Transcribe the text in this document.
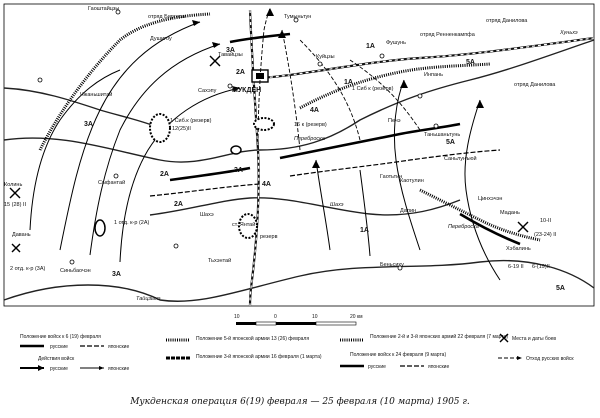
Гаоштайцзы
Тумыньтун
Душигоу
Тавайцзы
Сахэпу МУКДЕН
Фушунь
Куйцзы
Инпань
Чжаньшитай
Сыфантай
Колинь
Давань
Синьбаочэн
Тьхэнтай
Печэ
Таньшаньтунь
ст. Янтай
Беньсиху
Саньлунъюй
Каотулин
Цинхэчэн
Хэбалинь
Мадань
Шахэ
Далин
Гаотьтин
Хуньхэ
Тайцзыхэ
отряд Биргера
отряд Данилова
отряд Ренненкампфа
отряд Данилова
3А
3А
2А
4А
1А
1А
5А
5А
2А
2А
4А
3А
1А
3А
5А
резерв
1 Сиб.к (резерв)
1 Сиб к (резерв)
12(25)II
16 к (резерв)
1 отд. к-р (2А)
2 отд. к-р (3А)
15 (28) II
10-II
(23-24) II
6-19 II 6-(19)II
Переброска
Переброска
Шахэ
10	0	10	20 км
Положение войск к 6 (19) февраля
русские	японские
Действия войск
русские	японские
Положение 5-й японской армии 13 (26) февраля
Положение 3-й японской армии 16 февраля (1 марта)
Положение 2-й и 3-й японских армий 22 февраля (7 марта)
Положение войск к 24 февраля (9 марта)
русские	японские
Места и даты боев
Отход русских войск
Мукденская операция 6(19) февраля — 25 февраля (10 марта) 1905 г.
